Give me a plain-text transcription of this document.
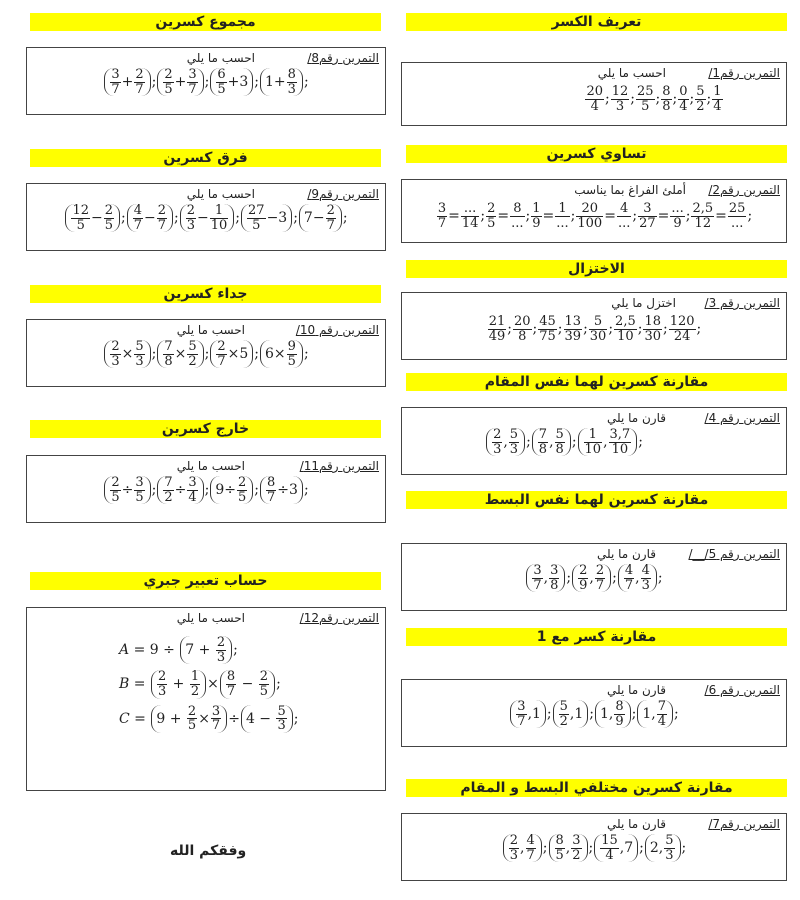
تعريف الكسر
التمرين رقم1/
احسب ما يلي
$\frac{20}{4}$ ; $\frac{12}{3}$ ; $\frac{25}{5}$ ; $\frac{8}{8}$ ; $\frac{0}{4}$ ; $\frac{5}{2}$ ; $\frac{1}{4}$
تساوي كسرين
التمرين رقم2/
أملئ الفراغ بما يناسب
$\frac{3}{7} = \frac{...}{14}$ ; $\frac{2}{5} = \frac{8}{...}$ ; $\frac{1}{9} = \frac{1}{...}$ ; $\frac{20}{100} = \frac{4}{...}$ ; $\frac{3}{27} = \frac{...}{9}$ ; $\frac{2,5}{12} = \frac{25}{...}$ ;
الاختزال
التمرين رقم 3/
اختزل ما يلي
$\frac{21}{49}$ ; $\frac{20}{8}$ ; $\frac{45}{75}$ ; $\frac{13}{39}$ ; $\frac{5}{30}$ ; $\frac{2,5}{10}$ ; $\frac{18}{30}$ ; $\frac{120}{24}$ ;
مقارنة كسرين لهما نفس المقام
التمرين رقم 4/
قارن ما يلي
$\frac{2}{3}$ , $\frac{5}{3}$ ; $\frac{7}{8}$ , $\frac{5}{8}$ ; $\frac{1}{10}$ , $\frac{3,7}{10}$ ;
مقارنة كسرين لهما نفس البسط
التمرين رقم 5/__/
قارن ما يلي
$\frac{3}{7}$ , $\frac{3}{8}$ ; $\frac{2}{9}$ , $\frac{2}{7}$ ; $\frac{4}{7}$ , $\frac{4}{3}$ ;
مقارنة كسر مع 1
التمرين رقم 6/
قارن ما يلي
$\frac{3}{7} ,1$ ; $\frac{5}{2} ,1$ ; 1, $\frac{8}{9}$ ; 1, $\frac{7}{4}$ ;
مقارنة كسرين مختلفي البسط و المقام
التمرين رقم7/
قارن ما يلي
$\frac{2}{3}$ , $\frac{4}{7}$ ; $\frac{8}{5}$ , $\frac{3}{2}$ ; $\frac{15}{4} ,7$ ; 2, $\frac{5}{3}$ ;
مجموع كسرين
التمرين رقم8/
احسب ما يلي
$\frac{3}{7} + \frac{2}{7}$ ; $\frac{2}{5} + \frac{3}{7}$ ; $\frac{6}{5} +3$ ; $1+ \frac{8}{3}$ ;
فرق كسرين
التمرين رقم9/
احسب ما يلي
$\frac{12}{5} - \frac{2}{5}$ ; $\frac{4}{7} - \frac{2}{7}$ ; $\frac{2}{3} - \frac{1}{10}$ ; $\frac{27}{5} -3$ ; $7- \frac{2}{7}$ ;
جداء كسرين
التمرين رقم 10/
احسب ما يلي
$\frac{2}{3} \times \frac{5}{3}$ ; $\frac{7}{8} \times \frac{5}{2}$ ; $\frac{2}{7} \times 5$ ; $6\times \frac{9}{5}$ ;
خارج كسرين
التمرين رقم11/
احسب ما يلي
$\frac{2}{5} \div \frac{3}{5}$ ; $\frac{7}{2} \div \frac{3}{4}$ ; $9\div \frac{2}{5}$ ; $\frac{8}{7} \div 3$ ;
حساب تعبير جبري
التمرين رقم12/
احسب ما يلي
$A = 9 \div 7 + \frac{2}{3}$ ;
$B = \frac{2}{3} + \frac{1}{2} \times \frac{8}{7} - \frac{2}{5}$ ;
$C = 9 + \frac{2}{5} \times \frac{3}{7} \div 4 - \frac{5}{3}$ ;
وفقكم الله
